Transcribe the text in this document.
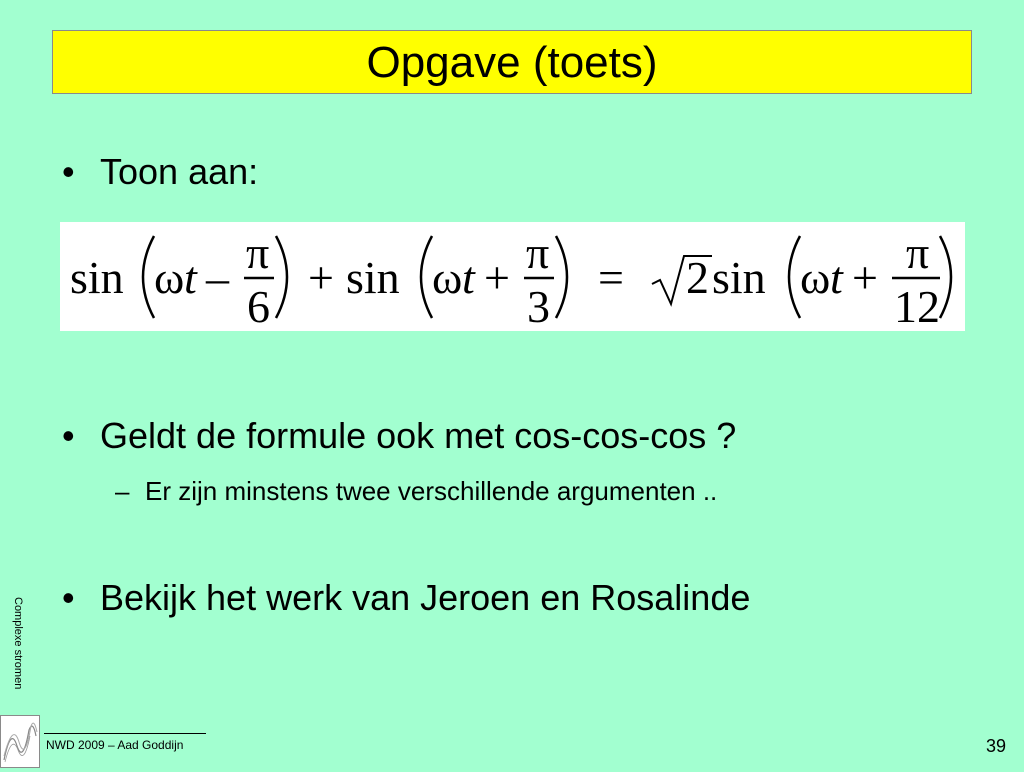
Opgave (toets)
• Toon aan:
sin ω t – π
6
+ sin ω t + π
3
= 2 sin ω t + π
12
• Geldt de formule ook met cos-cos-cos ?
– Er zijn minstens twee verschillende argumenten ..
• Bekijk het werk van Jeroen en Rosalinde
Complexe stromen
NWD 2009 – Aad Goddijn	39
